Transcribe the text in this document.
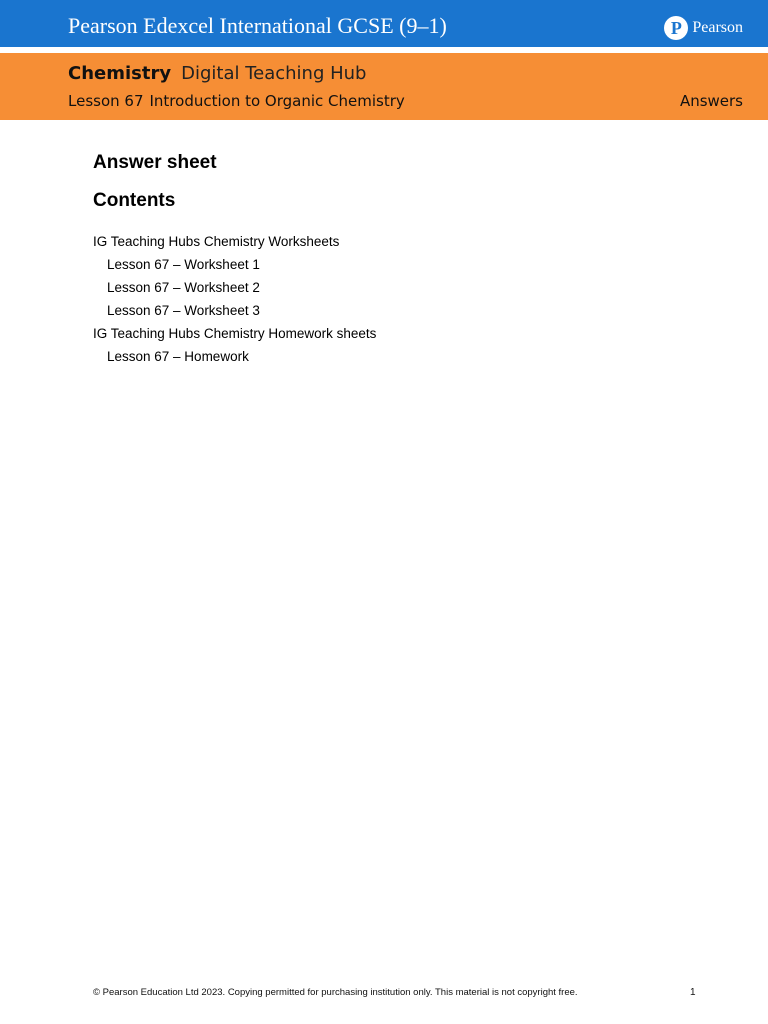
Pearson Edexcel International GCSE (9–1)	P Pearson
Chemistry Digital Teaching Hub
Lesson 67 Introduction to Organic Chemistry	Answers
Answer sheet
Contents
IG Teaching Hubs Chemistry Worksheets
Lesson 67 – Worksheet 1
Lesson 67 – Worksheet 2
Lesson 67 – Worksheet 3
IG Teaching Hubs Chemistry Homework sheets
Lesson 67 – Homework
© Pearson Education Ltd 2023. Copying permitted for purchasing institution only. This material is not copyright free.	1
